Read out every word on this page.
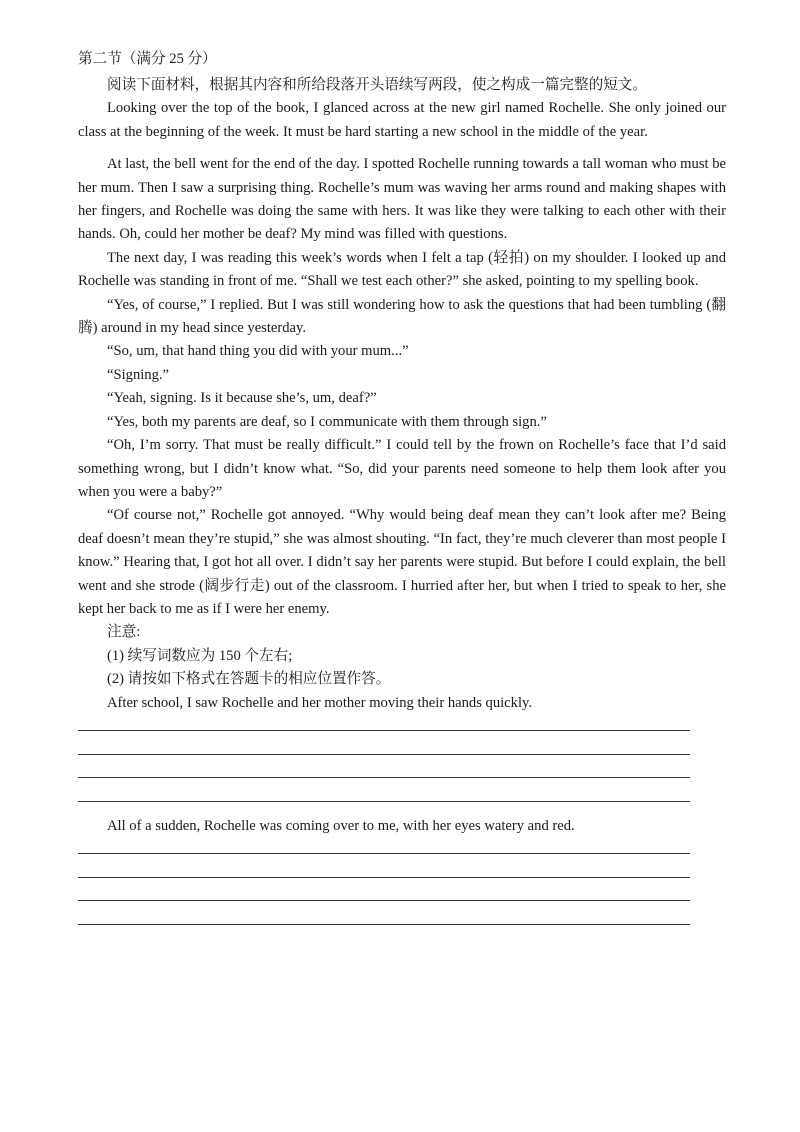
第二节（满分 25 分）

阅读下面材料，根据其内容和所给段落开头语续写两段，使之构成一篇完整的短文。

Looking over the top of the book, I glanced across at the new girl named Rochelle. She only joined our class at the beginning of the week. It must be hard starting a new school in the middle of the year.

At last, the bell went for the end of the day. I spotted Rochelle running towards a tall woman who must be her mum. Then I saw a surprising thing. Rochelle’s mum was waving her arms round and making shapes with her fingers, and Rochelle was doing the same with hers. It was like they were talking to each other with their hands. Oh, could her mother be deaf? My mind was filled with questions.

The next day, I was reading this week’s words when I felt a tap (轻拍) on my shoulder. I looked up and Rochelle was standing in front of me. “Shall we test each other?” she asked, pointing to my spelling book.

“Yes, of course,” I replied. But I was still wondering how to ask the questions that had been tumbling (翻腾) around in my head since yesterday.

“So, um, that hand thing you did with your mum...”

“Signing.”

“Yeah, signing. Is it because she’s, um, deaf?”

“Yes, both my parents are deaf, so I communicate with them through sign.”

“Oh, I’m sorry. That must be really difficult.” I could tell by the frown on Rochelle’s face that I’d said something wrong, but I didn’t know what. “So, did your parents need someone to help them look after you when you were a baby?”

“Of course not,” Rochelle got annoyed. “Why would being deaf mean they can’t look after me? Being deaf doesn’t mean they’re stupid,” she was almost shouting. “In fact, they’re much cleverer than most people I know.” Hearing that, I got hot all over. I didn’t say her parents were stupid. But before I could explain, the bell went and she strode (阔步行走) out of the classroom. I hurried after her, but when I tried to speak to her, she kept her back to me as if I were her enemy.

注意:

(1) 续写词数应为 150 个左右;

(2) 请按如下格式在答题卡的相应位置作答。

After school, I saw Rochelle and her mother moving their hands quickly.

All of a sudden, Rochelle was coming over to me, with her eyes watery and red.
